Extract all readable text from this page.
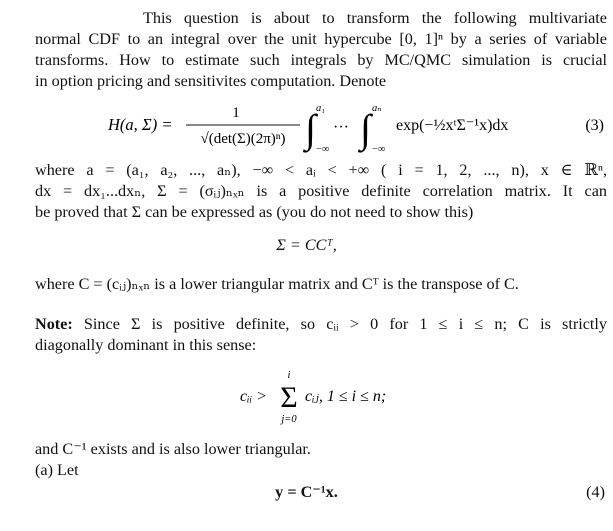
This question is about to transform the following multivariate
normal CDF to an integral over the unit hypercube [0, 1]ⁿ by a series of variable
transforms. How to estimate such integrals by MC/QMC simulation is crucial
in option pricing and sensitivites computation. Denote
H(a, Σ) =
1
√(det(Σ)(2π)ⁿ) ∫ a₁
−∞
··· ∫ aₙ
−∞
exp(−½xᵗΣ⁻¹x)dx	(3)
where a = (a₁, a₂, ..., aₙ), −∞ < aᵢ < +∞ ( i = 1, 2, ..., n), x ∈ ℝⁿ,
dx = dx₁...dxₙ, Σ = (σᵢⱼ)ₙₓₙ is a positive definite correlation matrix. It can
be proved that Σ can be expressed as (you do not need to show this)
Σ = CCᵀ,
where C = (cᵢⱼ)ₙₓₙ is a lower triangular matrix and Cᵀ is the transpose of C.
Note: Since Σ is positive definite, so cᵢᵢ > 0 for 1 ≤ i ≤ n; C is strictly
diagonally dominant in this sense:
cᵢᵢ >
i
Σ
j=0
cᵢⱼ, 1 ≤ i ≤ n;
and C⁻¹ exists and is also lower triangular.
(a) Let
y = C⁻¹x.	(4)
